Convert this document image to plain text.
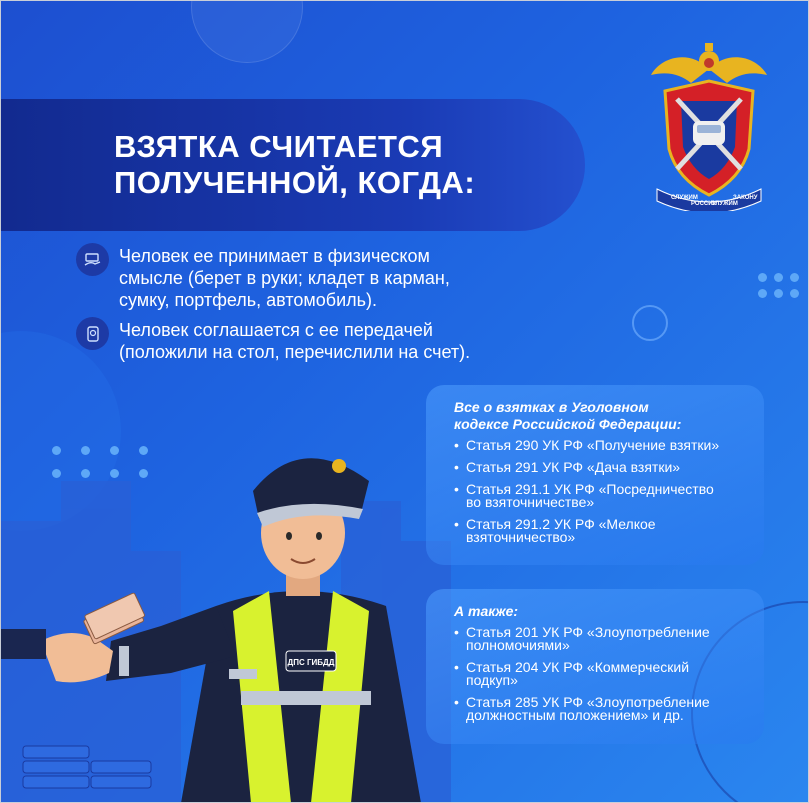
ВЗЯТКА СЧИТАЕТСЯ
ПОЛУЧЕННОЙ, КОГДА:	СЛУЖИМ
РОССИИ
СЛУЖИМ
ЗАКОНУ
Человек ее принимает в физическом
смысле (берет в руки; кладет в карман,
сумку, портфель, автомобиль).
Человек соглашается с ее передачей
(положили на стол, перечислили на счет).
ДПС ГИБДД
Все о взятках в Уголовном
кодексе Российской Федерации:
• Статья 290 УК РФ «Получение взятки»
• Статья 291 УК РФ «Дача взятки»
• Статья 291.1 УК РФ «Посредничество
во взяточничестве»
• Статья 291.2 УК РФ «Мелкое
взяточничество»
А также:
• Статья 201 УК РФ «Злоупотребление
полномочиями»
• Статья 204 УК РФ «Коммерческий
подкуп»
• Статья 285 УК РФ «Злоупотребление
должностным положением» и др.
